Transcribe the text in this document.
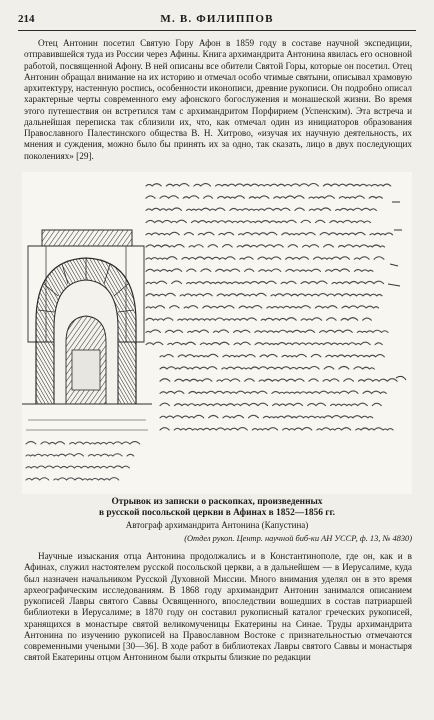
214	М. В. ФИЛИППОВ

Отец Антонин посетил Святую Гору Афон в 1859 году в составе научной экспедиции, отправившейся туда из России через Афины. Книга архимандрита Антонина явилась его основной работой, посвященной Афону. В ней описаны все обители Святой Горы, которые он посетил. Отец Антонин обращал внимание на их историю и отмечал особо чтимые святыни, описывал храмовую архитектуру, настенную роспись, особенности иконописи, древние рукописи. Он подробно описал характерные черты современного ему афонского богослужения и монашеской жизни. Во время этого путешествия он встретился там с архимандритом Порфирием (Успенским). Эта встреча и дальнейшая переписка так сблизили их, что, как отмечал один из инициаторов образования Православного Палестинского общества В. Н. Хитрово, «изучая их научную деятельность, их мнения и суждения, можно было бы принять их за одно, так сказать, лицо в двух последующих поколениях» [29].

Отрывок из записки о раскопках, произведенных
в русской посольской церкви в Афинах в 1852—1856 гг.

Автограф архимандрита Антонина (Капустина)

(Отдел рукоп. Центр. научной биб-ки АН УССР, ф. 13, № 4830)

Научные изыскания отца Антонина продолжались и в Константинополе, где он, как и в Афинах, служил настоятелем русской посольской церкви, а в дальнейшем — в Иерусалиме, куда был назначен начальником Русской Духовной Миссии. Много внимания уделял он в это время археографическим исследованиям. В 1868 году архимандрит Антонин занимался описанием рукописей Лавры святого Саввы Освященного, впоследствии вошедших в состав патриаршей библиотеки в Иерусалиме; в 1870 году он составил рукописный каталог греческих рукописей, хранящихся в монастыре святой великомученицы Екатерины на Синае. Труды архимандрита Антонина по изучению рукописей на Православном Востоке с признательностью отмечаются современными учеными [30—36]. В ходе работ в библиотеках Лавры святого Саввы и монастыря святой Екатерины отцом Антонином были открыты близкие по редакции
